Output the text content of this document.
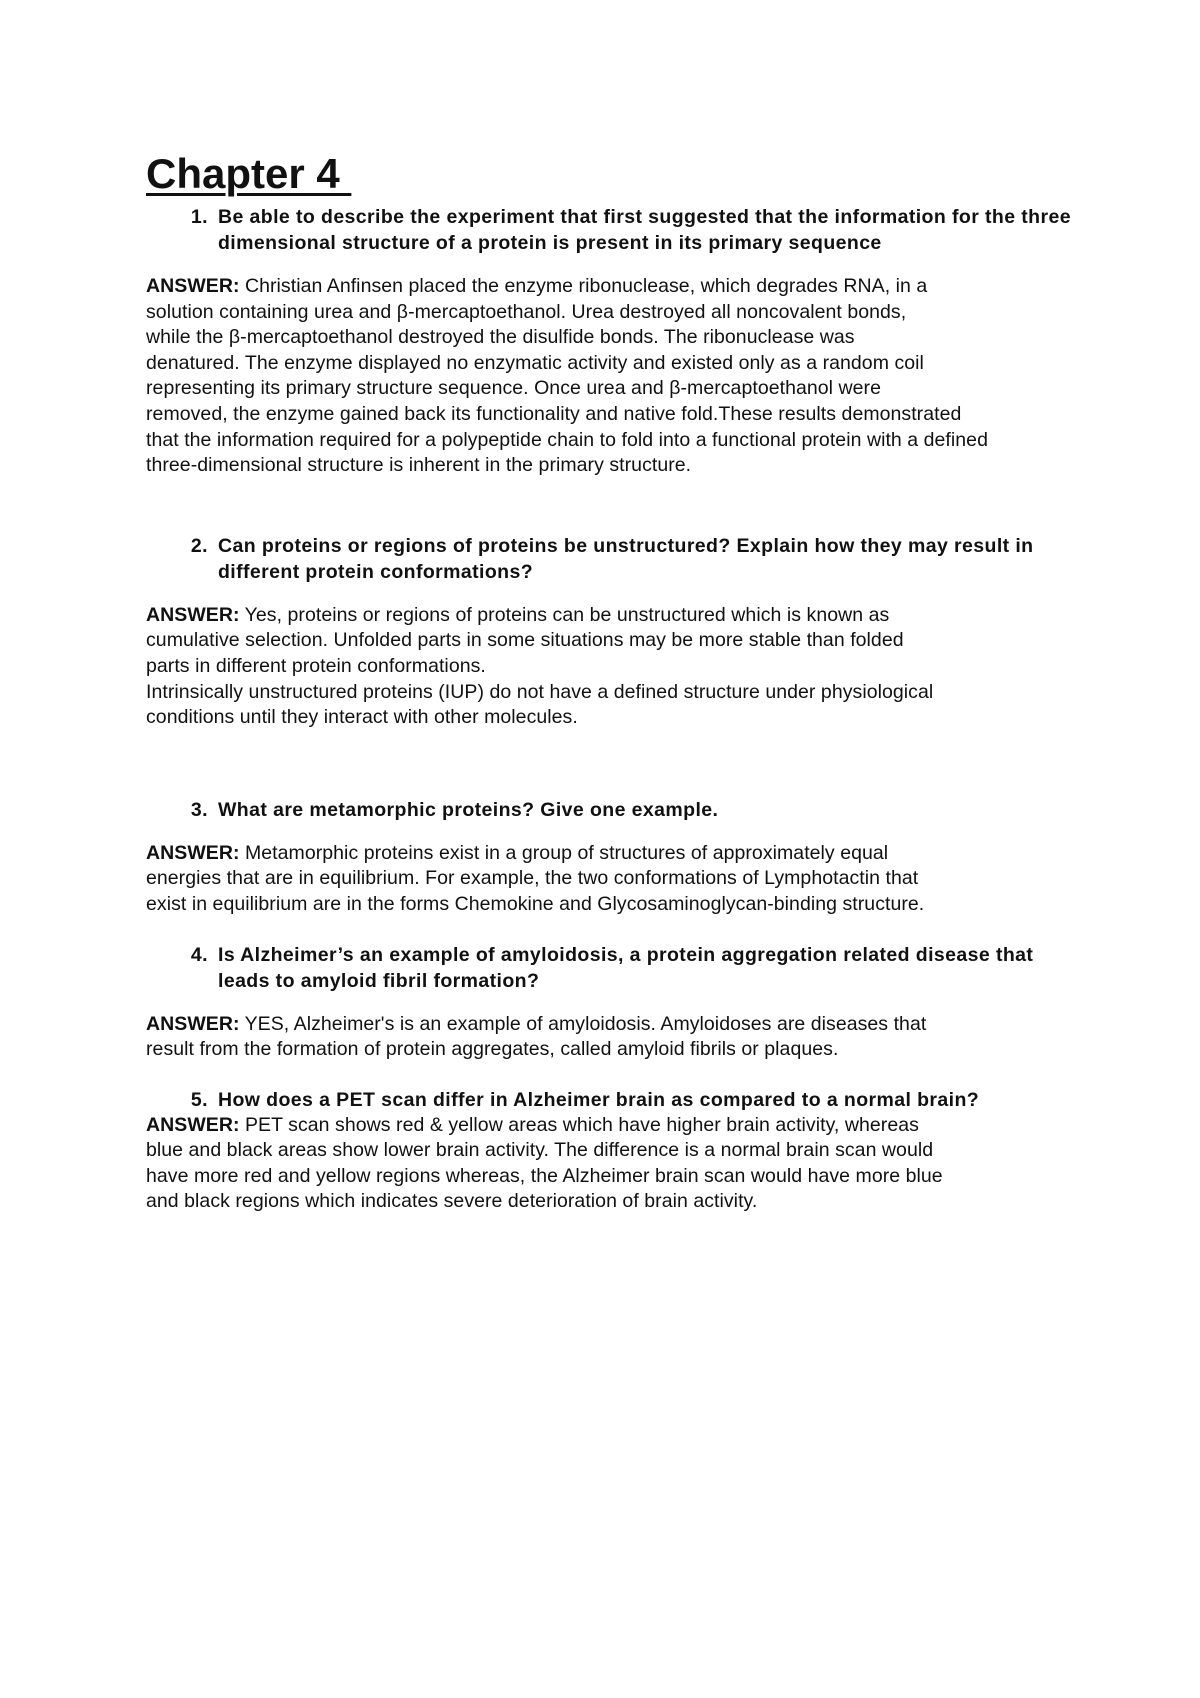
Chapter 4
1. Be able to describe the experiment that first suggested that the information for the three dimensional structure of a protein is present in its primary sequence
ANSWER: Christian Anfinsen placed the enzyme ribonuclease, which degrades RNA, in a
solution containing urea and β-mercaptoethanol. Urea destroyed all noncovalent bonds,
while the β-mercaptoethanol destroyed the disulfide bonds. The ribonuclease was
denatured. The enzyme displayed no enzymatic activity and existed only as a random coil
representing its primary structure sequence. Once urea and β-mercaptoethanol were
removed, the enzyme gained back its functionality and native fold.These results demonstrated
that the information required for a polypeptide chain to fold into a functional protein with a defined
three-dimensional structure is inherent in the primary structure.
2. Can proteins or regions of proteins be unstructured? Explain how they may result in different protein conformations?
ANSWER: Yes, proteins or regions of proteins can be unstructured which is known as
cumulative selection. Unfolded parts in some situations may be more stable than folded
parts in different protein conformations.
Intrinsically unstructured proteins (IUP) do not have a defined structure under physiological
conditions until they interact with other molecules.
3. What are metamorphic proteins? Give one example.
ANSWER: Metamorphic proteins exist in a group of structures of approximately equal
energies that are in equilibrium. For example, the two conformations of Lymphotactin that
exist in equilibrium are in the forms Chemokine and Glycosaminoglycan-binding structure.
4. Is Alzheimer’s an example of amyloidosis, a protein aggregation related disease that leads to amyloid fibril formation?
ANSWER: YES, Alzheimer's is an example of amyloidosis. Amyloidoses are diseases that
result from the formation of protein aggregates, called amyloid fibrils or plaques.
5. How does a PET scan differ in Alzheimer brain as compared to a normal brain?
ANSWER: PET scan shows red & yellow areas which have higher brain activity, whereas
blue and black areas show lower brain activity. The difference is a normal brain scan would
have more red and yellow regions whereas, the Alzheimer brain scan would have more blue
and black regions which indicates severe deterioration of brain activity.
